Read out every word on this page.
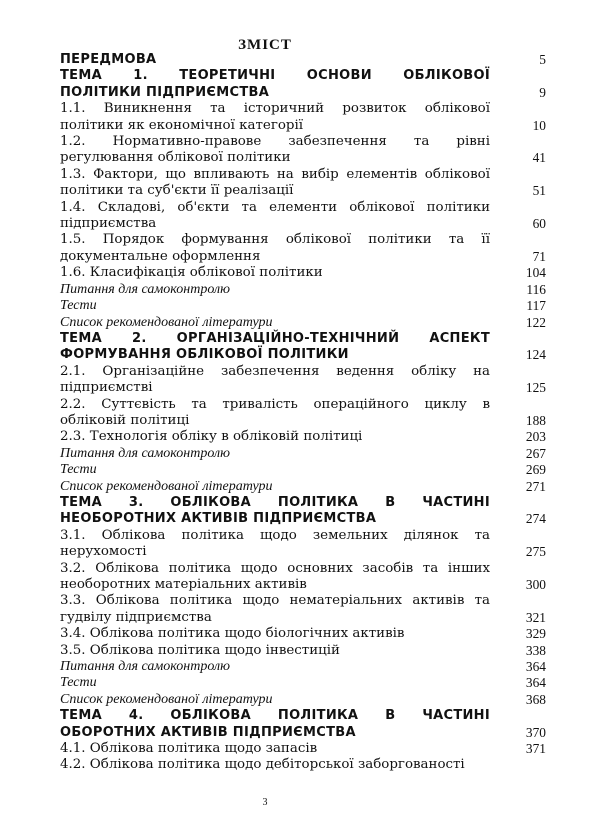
ЗМІСТ
ПЕРЕДМОВА	5
ТЕМА 1. ТЕОРЕТИЧНІ ОСНОВИ ОБЛІКОВОЇ
ПОЛІТИКИ ПІДПРИЄМСТВА	9
1.1. Виникнення та історичний розвиток облікової
політики як економічної категорії	10
1.2. Нормативно-правове забезпечення та рівні
регулювання облікової політики	41
1.3. Фактори, що впливають на вибір елементів облікової
політики та суб'єкти її реалізації	51
1.4. Складові, об'єкти та елементи облікової політики
підприємства	60
1.5. Порядок формування облікової політики та її
документальне оформлення	71
1.6. Класифікація облікової політики	104
Питання для самоконтролю	116
Тести	117
Список рекомендованої літератури	122
ТЕМА 2. ОРГАНІЗАЦІЙНО-ТЕХНІЧНИЙ АСПЕКТ
ФОРМУВАННЯ ОБЛІКОВОЇ ПОЛІТИКИ	124
2.1. Організаційне забезпечення ведення обліку на
підприємстві	125
2.2. Суттєвість та тривалість операційного циклу в
обліковій політиці	188
2.3. Технологія обліку в обліковій політиці	203
Питання для самоконтролю	267
Тести	269
Список рекомендованої літератури	271
ТЕМА 3. ОБЛІКОВА ПОЛІТИКА В ЧАСТИНІ
НЕОБОРОТНИХ АКТИВІВ ПІДПРИЄМСТВА	274
3.1. Облікова політика щодо земельних ділянок та
нерухомості	275
3.2. Облікова політика щодо основних засобів та інших
необоротних матеріальних активів	300
3.3. Облікова політика щодо нематеріальних активів та
гудвілу підприємства	321
3.4. Облікова політика щодо біологічних активів	329
3.5. Облікова політика щодо інвестицій	338
Питання для самоконтролю	364
Тести	364
Список рекомендованої літератури	368
ТЕМА 4. ОБЛІКОВА ПОЛІТИКА В ЧАСТИНІ
ОБОРОТНИХ АКТИВІВ ПІДПРИЄМСТВА	370
4.1. Облікова політика щодо запасів	371
4.2. Облікова політика щодо дебіторської заборгованості
3
